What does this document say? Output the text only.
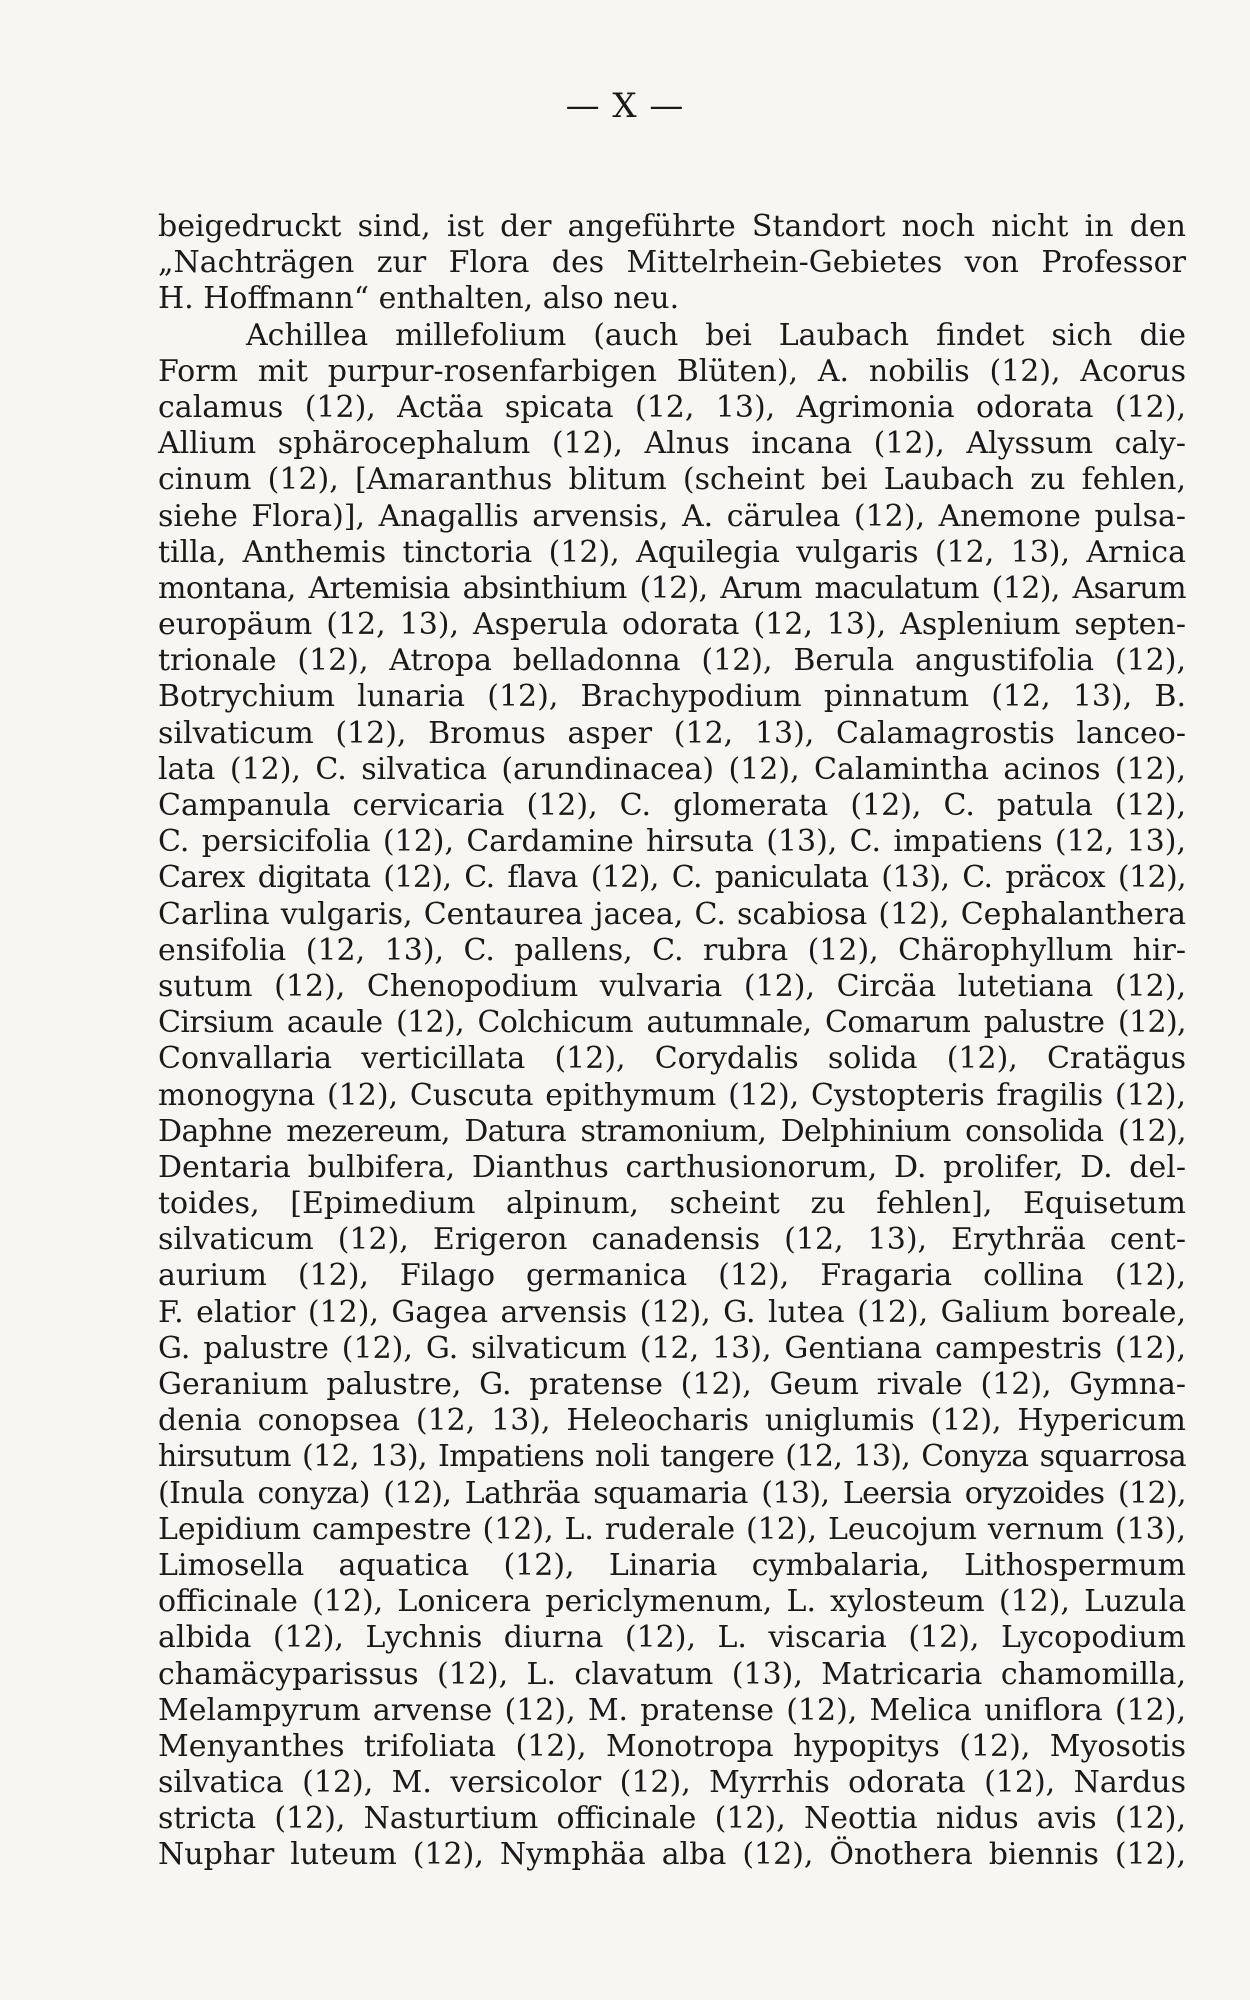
— X —
beigedruckt sind, ist der angeführte Standort noch nicht in den
„Nachträgen zur Flora des Mittelrhein-Gebietes von Professor
H. Hoffmann“ enthalten, also neu.
Achillea millefolium (auch bei Laubach findet sich die
Form mit purpur-rosenfarbigen Blüten), A. nobilis (12), Acorus
calamus (12), Actäa spicata (12, 13), Agrimonia odorata (12),
Allium sphärocephalum (12), Alnus incana (12), Alyssum caly-
cinum (12), [Amaranthus blitum (scheint bei Laubach zu fehlen,
siehe Flora)], Anagallis arvensis, A. cärulea (12), Anemone pulsa-
tilla, Anthemis tinctoria (12), Aquilegia vulgaris (12, 13), Arnica
montana, Artemisia absinthium (12), Arum maculatum (12), Asarum
europäum (12, 13), Asperula odorata (12, 13), Asplenium septen-
trionale (12), Atropa belladonna (12), Berula angustifolia (12),
Botrychium lunaria (12), Brachypodium pinnatum (12, 13), B.
silvaticum (12), Bromus asper (12, 13), Calamagrostis lanceo-
lata (12), C. silvatica (arundinacea) (12), Calamintha acinos (12),
Campanula cervicaria (12), C. glomerata (12), C. patula (12),
C. persicifolia (12), Cardamine hirsuta (13), C. impatiens (12, 13),
Carex digitata (12), C. flava (12), C. paniculata (13), C. präcox (12),
Carlina vulgaris, Centaurea jacea, C. scabiosa (12), Cephalanthera
ensifolia (12, 13), C. pallens, C. rubra (12), Chärophyllum hir-
sutum (12), Chenopodium vulvaria (12), Circäa lutetiana (12),
Cirsium acaule (12), Colchicum autumnale, Comarum palustre (12),
Convallaria verticillata (12), Corydalis solida (12), Cratägus
monogyna (12), Cuscuta epithymum (12), Cystopteris fragilis (12),
Daphne mezereum, Datura stramonium, Delphinium consolida (12),
Dentaria bulbifera, Dianthus carthusionorum, D. prolifer, D. del-
toides, [Epimedium alpinum, scheint zu fehlen], Equisetum
silvaticum (12), Erigeron canadensis (12, 13), Erythräa cent-
aurium (12), Filago germanica (12), Fragaria collina (12),
F. elatior (12), Gagea arvensis (12), G. lutea (12), Galium boreale,
G. palustre (12), G. silvaticum (12, 13), Gentiana campestris (12),
Geranium palustre, G. pratense (12), Geum rivale (12), Gymna-
denia conopsea (12, 13), Heleocharis uniglumis (12), Hypericum
hirsutum (12, 13), Impatiens noli tangere (12, 13), Conyza squarrosa
(Inula conyza) (12), Lathräa squamaria (13), Leersia oryzoides (12),
Lepidium campestre (12), L. ruderale (12), Leucojum vernum (13),
Limosella aquatica (12), Linaria cymbalaria, Lithospermum
officinale (12), Lonicera periclymenum, L. xylosteum (12), Luzula
albida (12), Lychnis diurna (12), L. viscaria (12), Lycopodium
chamäcyparissus (12), L. clavatum (13), Matricaria chamomilla,
Melampyrum arvense (12), M. pratense (12), Melica uniflora (12),
Menyanthes trifoliata (12), Monotropa hypopitys (12), Myosotis
silvatica (12), M. versicolor (12), Myrrhis odorata (12), Nardus
stricta (12), Nasturtium officinale (12), Neottia nidus avis (12),
Nuphar luteum (12), Nymphäa alba (12), Önothera biennis (12),
